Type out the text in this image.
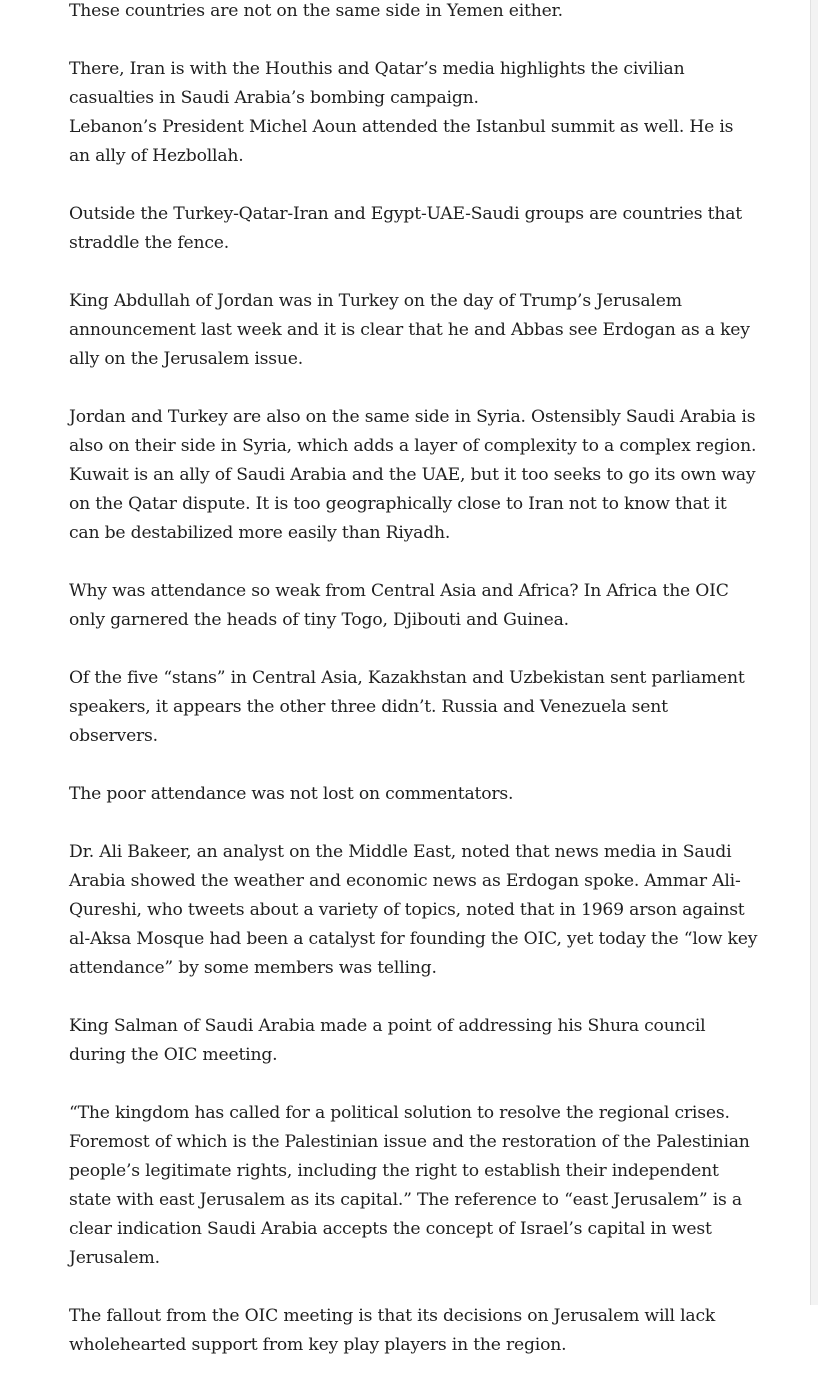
These countries are not on the same side in Yemen either.

There, Iran is with the Houthis and Qatar’s media highlights the civilian casualties in Saudi Arabia’s bombing campaign.

Lebanon’s President Michel Aoun attended the Istanbul summit as well. He is an ally of Hezbollah.

Outside the Turkey-Qatar-Iran and Egypt-UAE-Saudi groups are countries that straddle the fence.

King Abdullah of Jordan was in Turkey on the day of Trump’s Jerusalem announcement last week and it is clear that he and Abbas see Erdogan as a key ally on the Jerusalem issue.

Jordan and Turkey are also on the same side in Syria. Ostensibly Saudi Arabia is also on their side in Syria, which adds a layer of complexity to a complex region. Kuwait is an ally of Saudi Arabia and the UAE, but it too seeks to go its own way on the Qatar dispute. It is too geographically close to Iran not to know that it can be destabilized more easily than Riyadh.

Why was attendance so weak from Central Asia and Africa? In Africa the OIC only garnered the heads of tiny Togo, Djibouti and Guinea.

Of the five “stans” in Central Asia, Kazakhstan and Uzbekistan sent parliament speakers, it appears the other three didn’t. Russia and Venezuela sent observers.

The poor attendance was not lost on commentators.

Dr. Ali Bakeer, an analyst on the Middle East, noted that news media in Saudi Arabia showed the weather and economic news as Erdogan spoke. Ammar Ali-Qureshi, who tweets about a variety of topics, noted that in 1969 arson against al-Aksa Mosque had been a catalyst for founding the OIC, yet today the “low key attendance” by some members was telling.

King Salman of Saudi Arabia made a point of addressing his Shura council during the OIC meeting.

“The kingdom has called for a political solution to resolve the regional crises. Foremost of which is the Palestinian issue and the restoration of the Palestinian people’s legitimate rights, including the right to establish their independent state with east Jerusalem as its capital.” The reference to “east Jerusalem” is a clear indication Saudi Arabia accepts the concept of Israel’s capital in west Jerusalem.

The fallout from the OIC meeting is that its decisions on Jerusalem will lack wholehearted support from key play players in the region.
